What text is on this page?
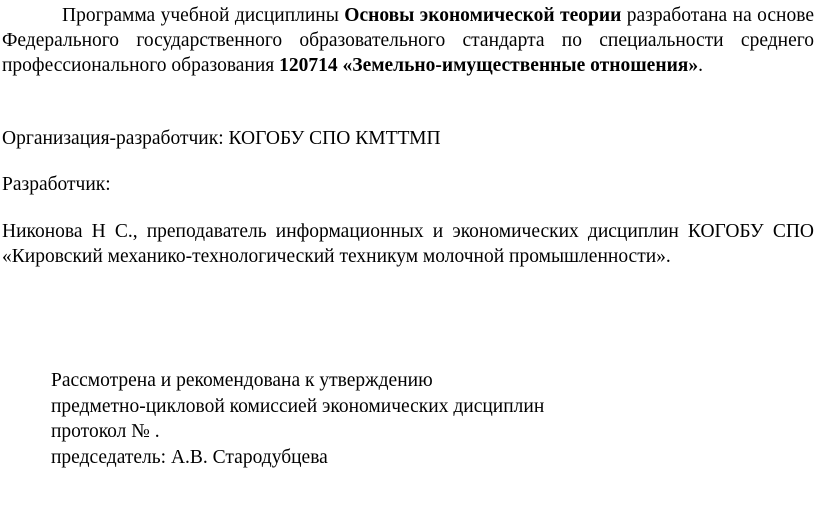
Программа учебной дисциплины Основы экономической теории разработана на основе Федерального государственного образовательного стандарта по специальности среднего профессионального образования 120714 «Земельно-имущественные отношения».

Организация-разработчик: КОГОБУ СПО КМТТМП

Разработчик:

Никонова Н С., преподаватель информационных и экономических дисциплин КОГОБУ СПО «Кировский механико-технологический техникум молочной промышленности».

Рассмотрена и рекомендована к утверждению
предметно-цикловой комиссией экономических дисциплин
протокол № .
председатель: А.В. Стародубцева
